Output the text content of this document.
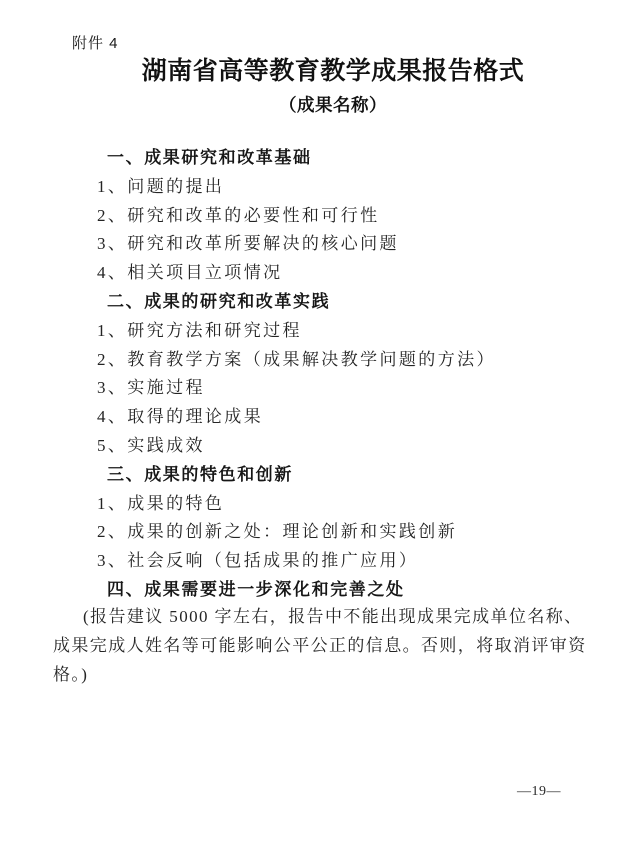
附件 4
湖南省高等教育教学成果报告格式
（成果名称）
一、成果研究和改革基础
1、问题的提出
2、研究和改革的必要性和可行性
3、研究和改革所要解决的核心问题
4、相关项目立项情况
二、成果的研究和改革实践
1、研究方法和研究过程
2、教育教学方案（成果解决教学问题的方法）
3、实施过程
4、取得的理论成果
5、实践成效
三、成果的特色和创新
1、成果的特色
2、成果的创新之处：理论创新和实践创新
3、社会反响（包括成果的推广应用）
四、成果需要进一步深化和完善之处
(报告建议 5000 字左右，报告中不能出现成果完成单位名称、
成果完成人姓名等可能影响公平公正的信息。否则，将取消评审资
格。)
—19—
